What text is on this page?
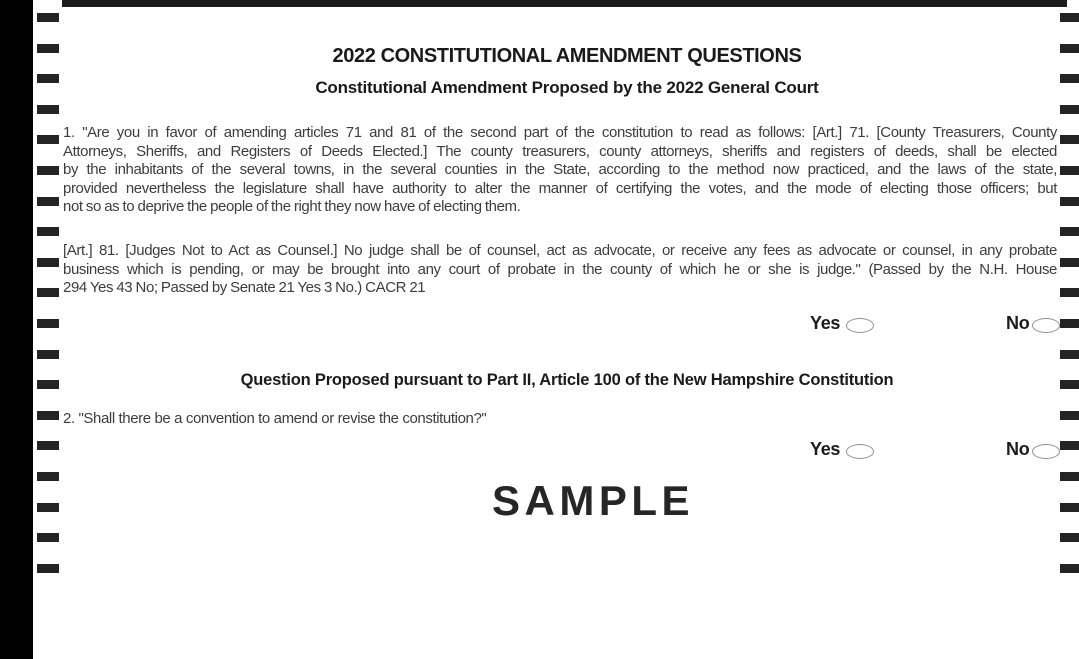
2022 CONSTITUTIONAL AMENDMENT QUESTIONS
Constitutional Amendment Proposed by the 2022 General Court
1. "Are you in favor of amending articles 71 and 81 of the second part of the constitution to read as follows: [Art.] 71. [County Treasurers, County
Attorneys, Sheriffs, and Registers of Deeds Elected.] The county treasurers, county attorneys, sheriffs and registers of deeds, shall be elected
by the inhabitants of the several towns, in the several counties in the State, according to the method now practiced, and the laws of the state,
provided nevertheless the legislature shall have authority to alter the manner of certifying the votes, and the mode of electing those officers; but
not so as to deprive the people of the right they now have of electing them.
[Art.] 81. [Judges Not to Act as Counsel.] No judge shall be of counsel, act as advocate, or receive any fees as advocate or counsel, in any probate
business which is pending, or may be brought into any court of probate in the county of which he or she is judge." (Passed by the N.H. House
294 Yes 43 No; Passed by Senate 21 Yes 3 No.) CACR 21
Yes	No
Question Proposed pursuant to Part II, Article 100 of the New Hampshire Constitution
2. "Shall there be a convention to amend or revise the constitution?"
Yes	No
SAMPLE
